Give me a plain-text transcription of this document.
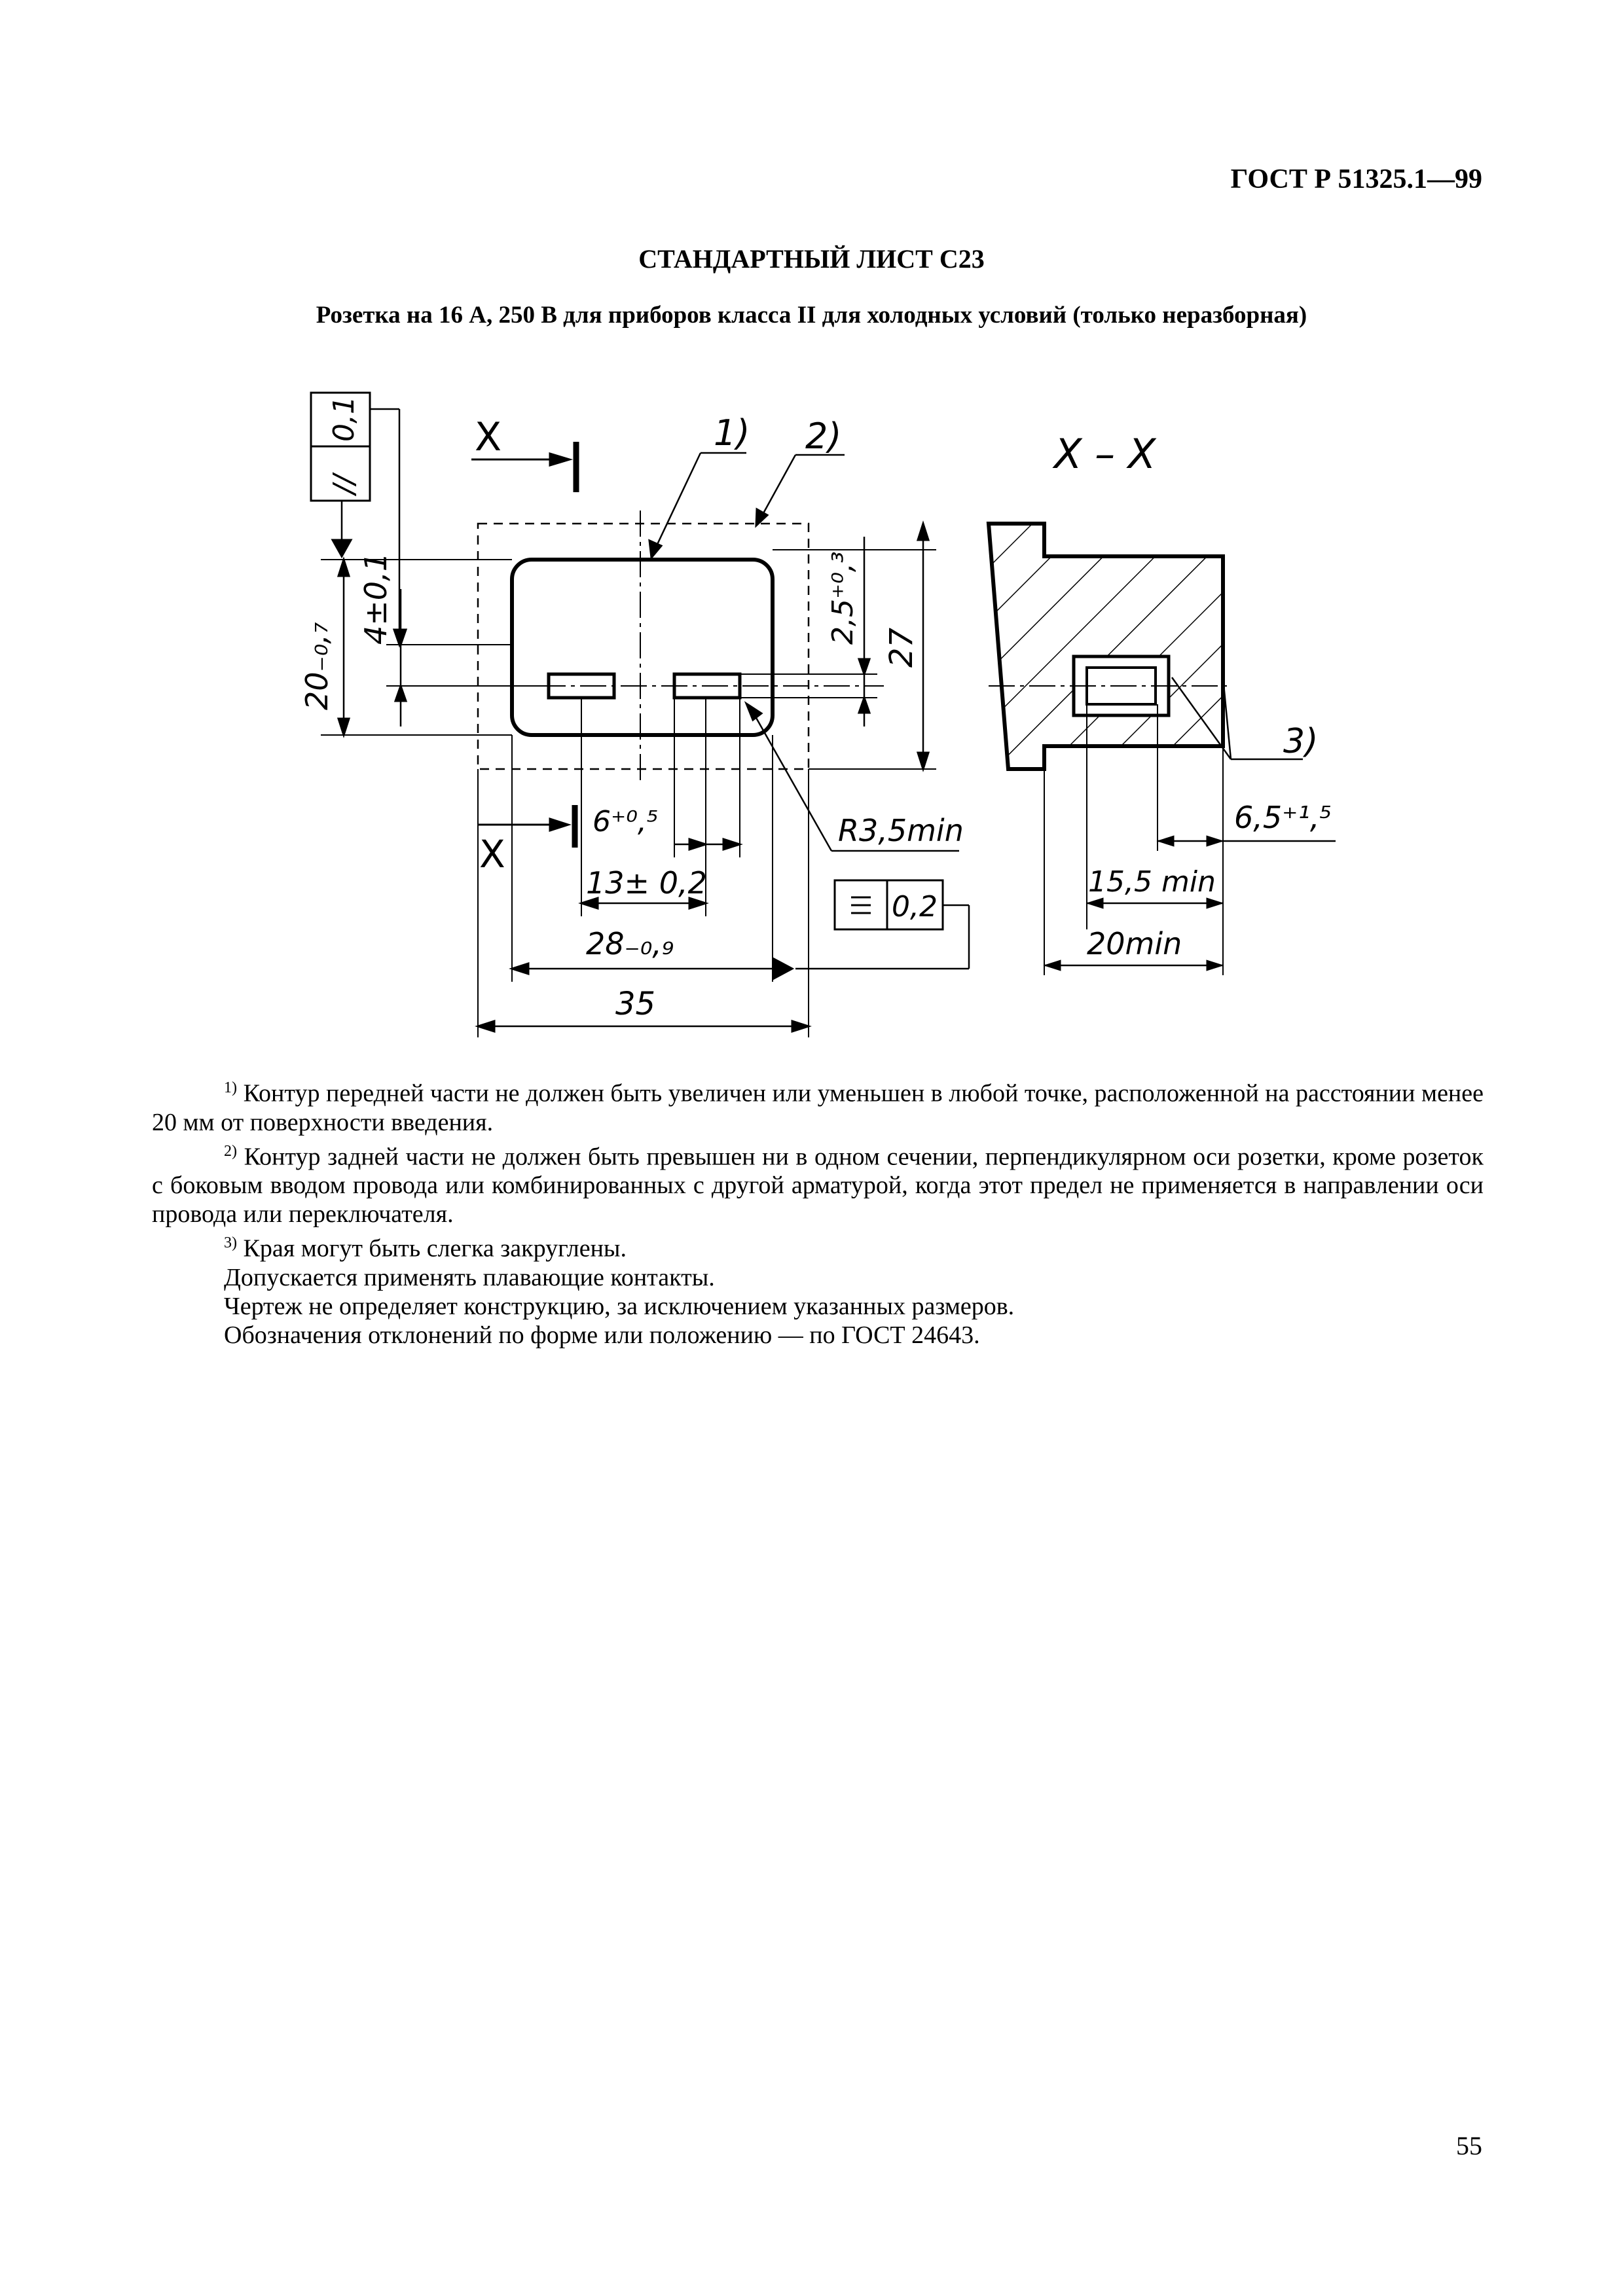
ГОСТ Р 51325.1—99
СТАНДАРТНЫЙ ЛИСТ С23
Розетка на 16 А, 250 В для приборов класса II для холодных условий (только неразборная)
X
X
1) 2)
0,1
//
20₋₀,₇
4±0,1	2,5⁺⁰,³
27
6⁺⁰,⁵
13± 0,2
28₋₀,₉
35
R3,5min
0,2
X – X
3)
6,5⁺¹,⁵
15,5 min
20min

$^{1)}$ Контур передней части не должен быть увеличен или уменьшен в любой точке, расположенной на расстоянии менее 20 мм от поверхности введения.

$^{2)}$ Контур задней части не должен быть превышен ни в одном сечении, перпендикулярном оси розетки, кроме розеток с боковым вводом провода или комбинированных с другой арматурой, когда этот предел не применяется в направлении оси провода или переключателя.

$^{3)}$ Края могут быть слегка закруглены.

Допускается применять плавающие контакты.

Чертеж не определяет конструкцию, за исключением указанных размеров.

Обозначения отклонений по форме или положению — по ГОСТ 24643.

55
